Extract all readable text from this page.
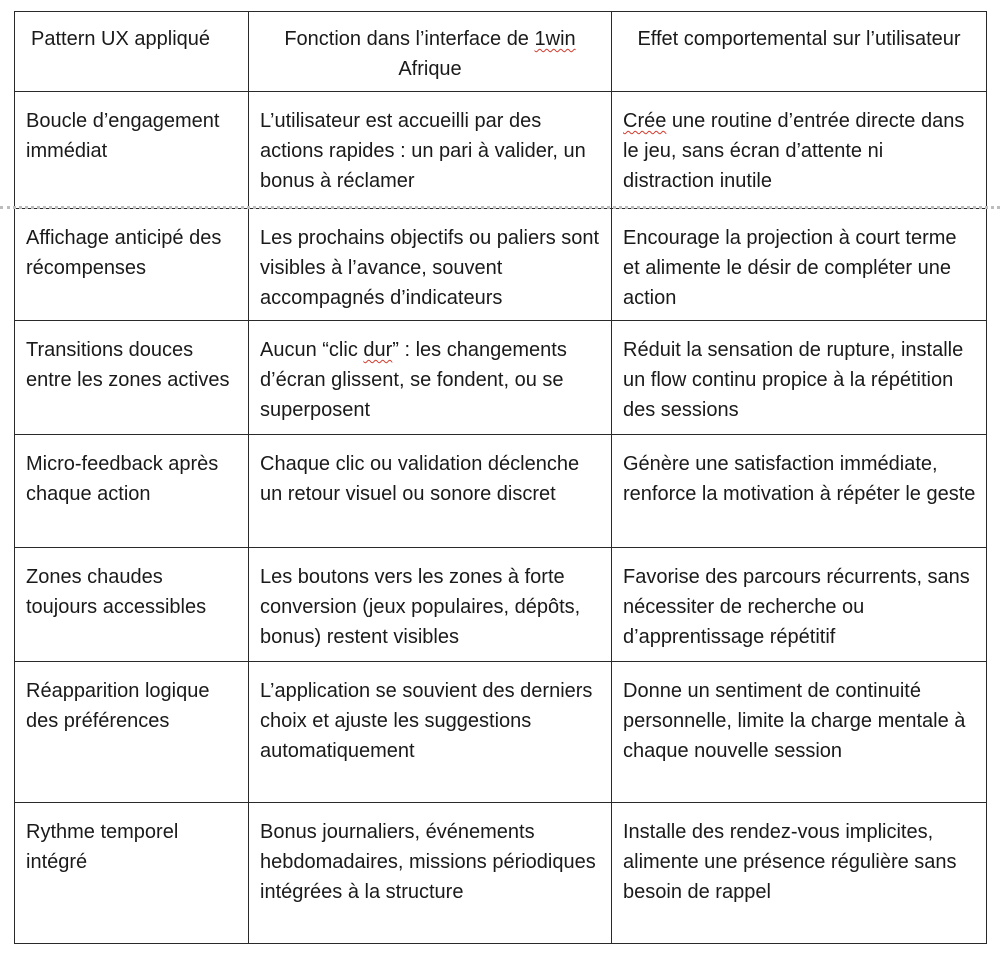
Pattern UX appliqué	Fonction dans l’interface de 1win Afrique	Effet comportemental sur l’utilisateur
Boucle d’engagement immédiat	L’utilisateur est accueilli par des actions rapides : un pari à valider, un bonus à réclamer	Crée une routine d’entrée directe dans le jeu, sans écran d’attente ni distraction inutile
Affichage anticipé des récompenses	Les prochains objectifs ou paliers sont visibles à l’avance, souvent accompagnés d’indicateurs	Encourage la projection à court terme et alimente le désir de compléter une action
Transitions douces entre les zones actives	Aucun “clic dur” : les changements d’écran glissent, se fondent, ou se superposent	Réduit la sensation de rupture, installe un flow continu propice à la répétition des sessions
Micro-feedback après chaque action	Chaque clic ou validation déclenche un retour visuel ou sonore discret	Génère une satisfaction immédiate, renforce la motivation à répéter le geste
Zones chaudes toujours accessibles	Les boutons vers les zones à forte conversion (jeux populaires, dépôts, bonus) restent visibles	Favorise des parcours récurrents, sans nécessiter de recherche ou d’apprentissage répétitif
Réapparition logique des préférences	L’application se souvient des derniers choix et ajuste les suggestions automatiquement	Donne un sentiment de continuité personnelle, limite la charge mentale à chaque nouvelle session
Rythme temporel intégré	Bonus journaliers, événements hebdomadaires, missions périodiques intégrées à la structure	Installe des rendez-vous implicites, alimente une présence régulière sans besoin de rappel
